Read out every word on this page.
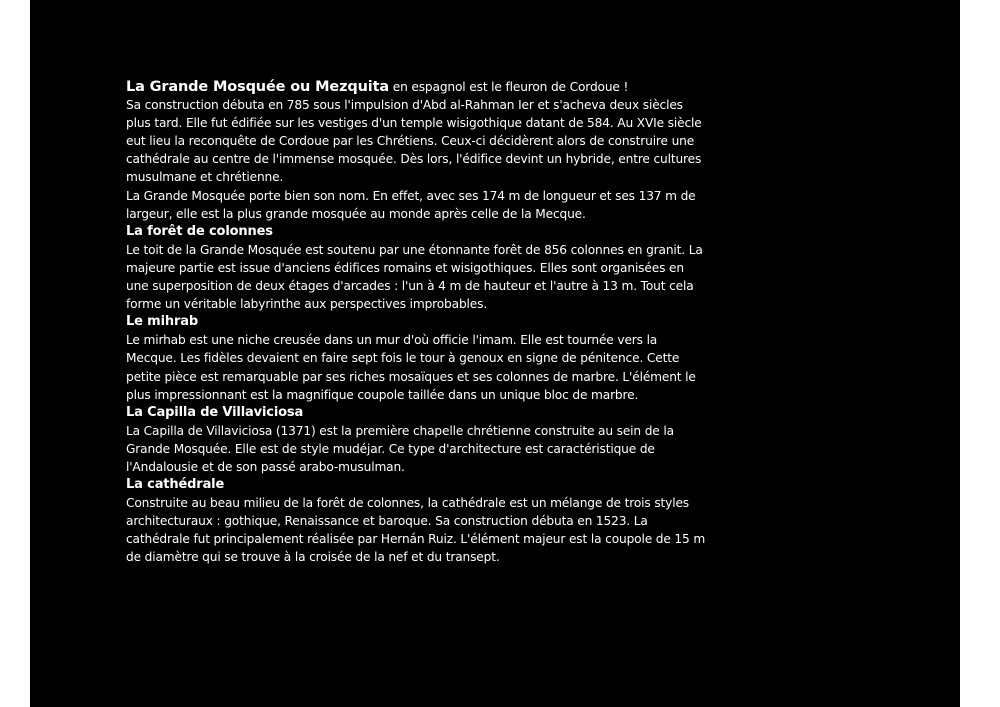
La Grande Mosquée ou Mezquita en espagnol est le fleuron de Cordoue !

Sa construction débuta en 785 sous l'impulsion d'Abd al-Rahman Ier et s'acheva deux siècles plus tard. Elle fut édifiée sur les vestiges d'un temple wisigothique datant de 584. Au XVIe siècle eut lieu la reconquête de Cordoue par les Chrétiens. Ceux-ci décidèrent alors de construire une cathédrale au centre de l'immense mosquée. Dès lors, l'édifice devint un hybride, entre cultures musulmane et chrétienne.

La Grande Mosquée porte bien son nom. En effet, avec ses 174 m de longueur et ses 137 m de largeur, elle est la plus grande mosquée au monde après celle de la Mecque.

La forêt de colonnes

Le toit de la Grande Mosquée est soutenu par une étonnante forêt de 856 colonnes en granit. La majeure partie est issue d'anciens édifices romains et wisigothiques. Elles sont organisées en une superposition de deux étages d'arcades : l'un à 4 m de hauteur et l'autre à 13 m. Tout cela forme un véritable labyrinthe aux perspectives improbables.

Le mihrab

Le mirhab est une niche creusée dans un mur d'où officie l'imam. Elle est tournée vers la Mecque. Les fidèles devaient en faire sept fois le tour à genoux en signe de pénitence. Cette petite pièce est remarquable par ses riches mosaïques et ses colonnes de marbre. L'élément le plus impressionnant est la magnifique coupole taillée dans un unique bloc de marbre.

La Capilla de Villaviciosa

La Capilla de Villaviciosa (1371) est la première chapelle chrétienne construite au sein de la Grande Mosquée. Elle est de style mudéjar. Ce type d'architecture est caractéristique de l'Andalousie et de son passé arabo-musulman.

La cathédrale

Construite au beau milieu de la forêt de colonnes, la cathédrale est un mélange de trois styles architecturaux : gothique, Renaissance et baroque. Sa construction débuta en 1523. La cathédrale fut principalement réalisée par Hernán Ruiz. L'élément majeur est la coupole de 15 m de diamètre qui se trouve à la croisée de la nef et du transept.
